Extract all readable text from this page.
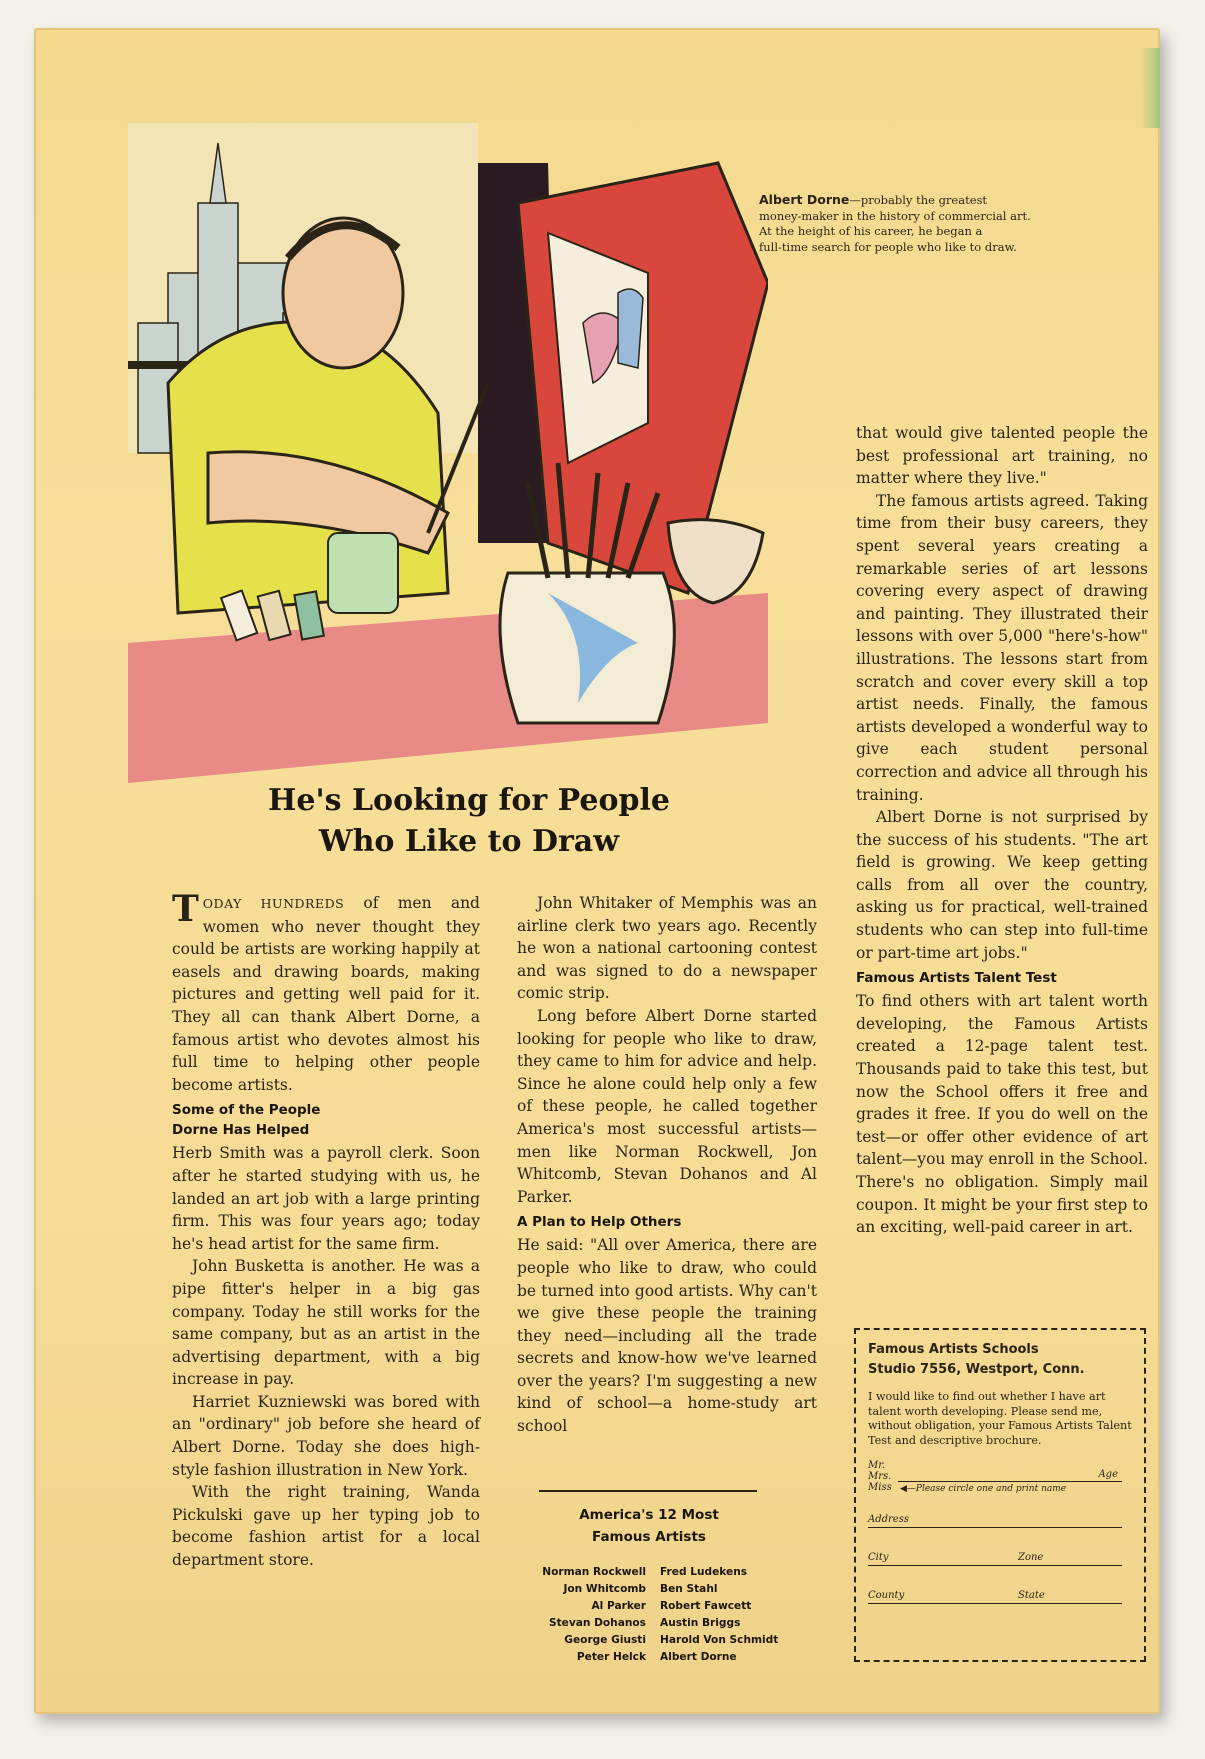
Albert Dorne—probably the greatest
money-maker in the history of commercial art.
At the height of his career, he began a
full-time search for people who like to draw.
He's Looking for People
Who Like to Draw

TODAY HUNDREDS of men and women who never thought they could be artists are working happily at easels and drawing boards, making pictures and getting well paid for it. They all can thank Albert Dorne, a famous artist who devotes almost his full time to helping other people become artists.

Some of the People
Dorne Has Helped

Herb Smith was a payroll clerk. Soon after he started studying with us, he landed an art job with a large printing firm. This was four years ago; today he's head artist for the same firm.

John Busketta is another. He was a pipe fitter's helper in a big gas company. Today he still works for the same company, but as an artist in the advertising department, with a big increase in pay.

Harriet Kuzniewski was bored with an "ordinary" job before she heard of Albert Dorne. Today she does high-style fashion illustration in New York.

With the right training, Wanda Pickulski gave up her typing job to become fashion artist for a local department store.

John Whitaker of Memphis was an airline clerk two years ago. Recently he won a national cartooning contest and was signed to do a newspaper comic strip.

Long before Albert Dorne started looking for people who like to draw, they came to him for advice and help. Since he alone could help only a few of these people, he called together America's most successful artists—men like Norman Rockwell, Jon Whitcomb, Stevan Dohanos and Al Parker.

A Plan to Help Others

He said: "All over America, there are people who like to draw, who could be turned into good artists. Why can't we give these people the training they need—including all the trade secrets and know-how we've learned over the years? I'm suggesting a new kind of school—a home-study art school

America's 12 Most
Famous Artists
Norman Rockwell Fred Ludekens
Jon Whitcomb Ben Stahl
Al Parker Robert Fawcett
Stevan Dohanos Austin Briggs
George Giusti Harold Von Schmidt
Peter Helck Albert Dorne

that would give talented people the best professional art training, no matter where they live."

The famous artists agreed. Taking time from their busy careers, they spent several years creating a remarkable series of art lessons covering every aspect of drawing and painting. They illustrated their lessons with over 5,000 "here's-how" illustrations. The lessons start from scratch and cover every skill a top artist needs. Finally, the famous artists developed a wonderful way to give each student personal correction and advice all through his training.

Albert Dorne is not surprised by the success of his students. "The art field is growing. We keep getting calls from all over the country, asking us for practical, well-trained students who can step into full-time or part-time art jobs."

Famous Artists Talent Test

To find others with art talent worth developing, the Famous Artists created a 12-page talent test. Thousands paid to take this test, but now the School offers it free and grades it free. If you do well on the test—or offer other evidence of art talent—you may enroll in the School. There's no obligation. Simply mail coupon. It might be your first step to an exciting, well-paid career in art.

Famous Artists Schools
Studio 7556, Westport, Conn.
I would like to find out whether I have art talent worth developing. Please send me, without obligation, your Famous Artists Talent Test and descriptive brochure.
Mr.
Mrs.
Miss
Age
◀—Please circle one and print name
Address
City	Zone
County	State
